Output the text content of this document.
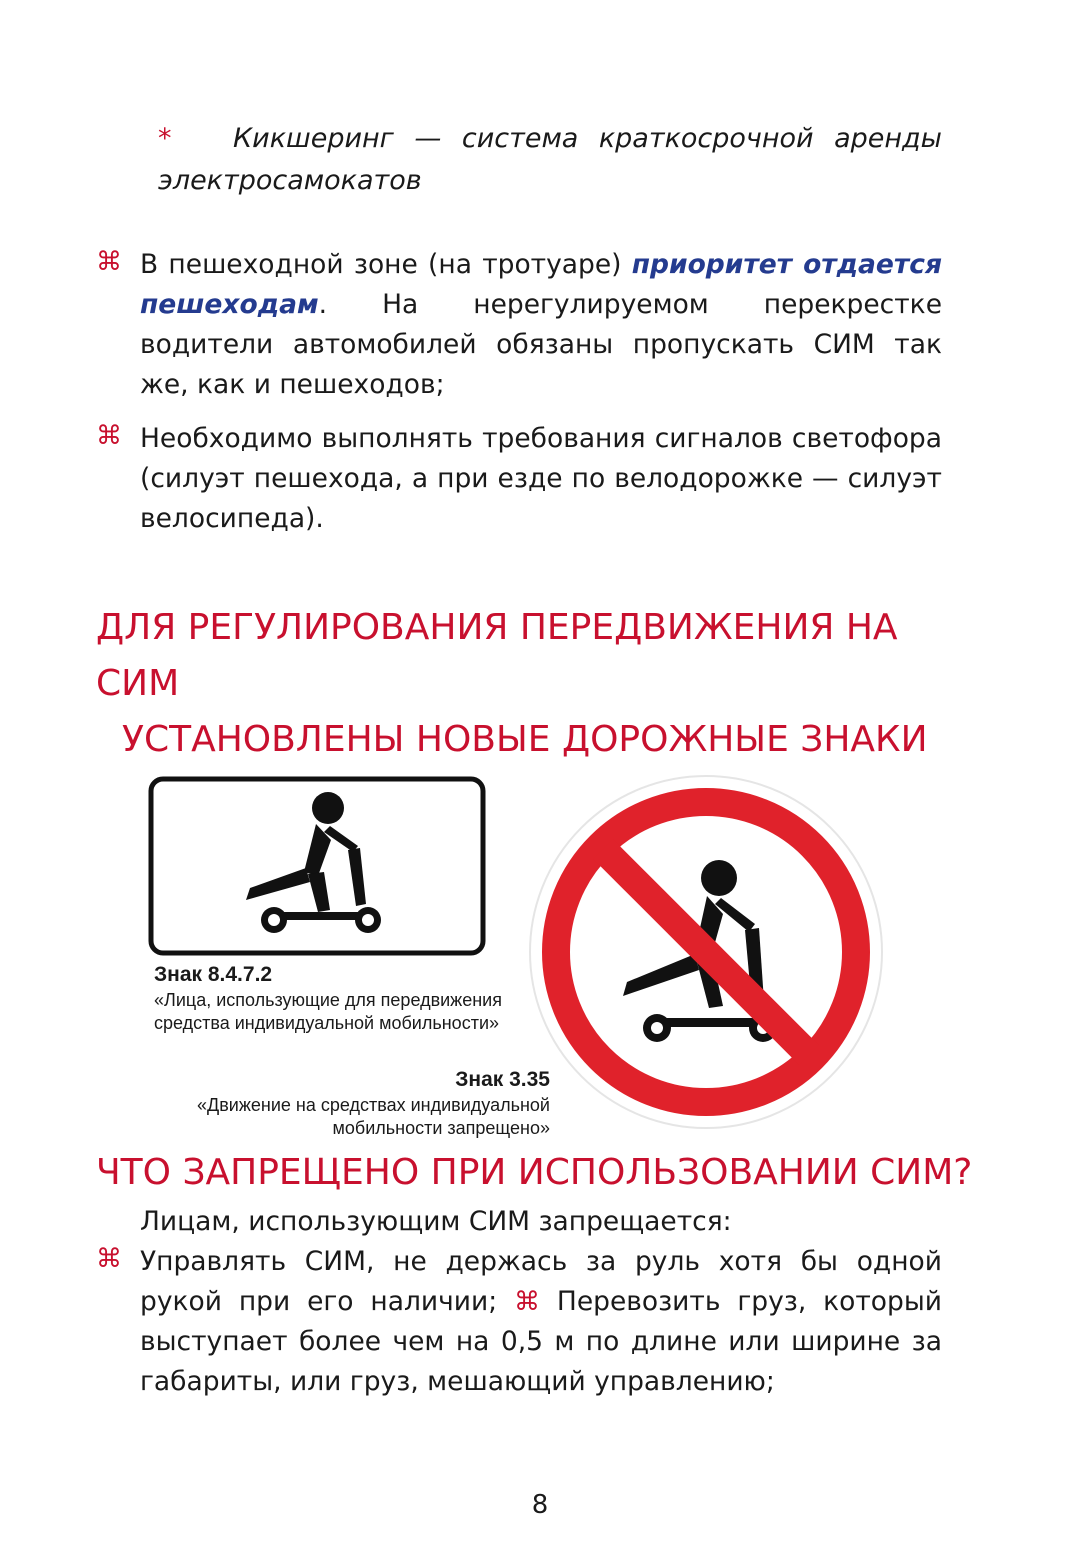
* Кикшеринг — система краткосрочной аренды электросамокатов
⌘ В пешеходной зоне (на тротуаре) приоритет отдается пешеходам. На нерегулируемом перекрестке водители автомобилей обязаны пропускать СИМ так же, как и пешеходов;
⌘ Необходимо выполнять требования сигналов светофора (силуэт пешехода, а при езде по велодорожке — силуэт велосипеда).
ДЛЯ РЕГУЛИРОВАНИЯ ПЕРЕДВИЖЕНИЯ НА
СИМ
УСТАНОВЛЕНЫ НОВЫЕ ДОРОЖНЫЕ ЗНАКИ
Знак 8.4.7.2
«Лица, использующие для передвижения
средства индивидуальной мобильности»
Знак 3.35
«Движение на средствах индивидуальной
мобильности запрещено»
ЧТО ЗАПРЕЩЕНО ПРИ ИСПОЛЬЗОВАНИИ СИМ?
Лицам, использующим СИМ запрещается:
⌘ Управлять СИМ, не держась за руль хотя бы одной рукой при его наличии; ⌘ Перевозить груз, который выступает более чем на 0,5 м по длине или ширине за габариты, или груз, мешающий управлению;
8
